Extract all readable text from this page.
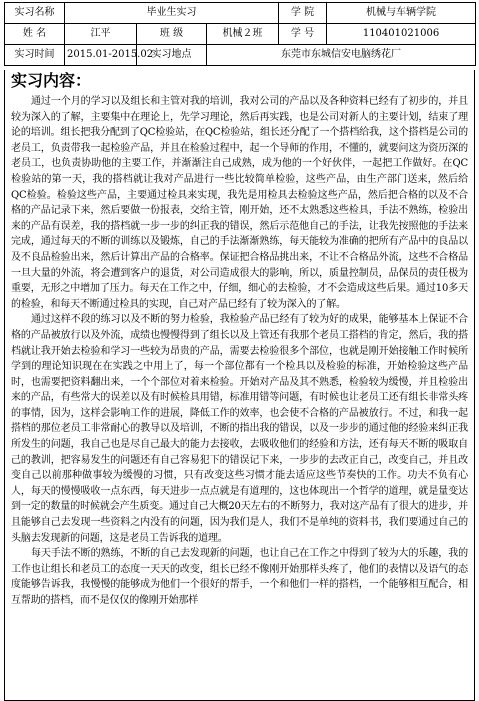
实习名称	毕业生实习			学 院	机械与车辆学院
姓 名	江平	班 级	机械２班	学 号	110401021006
实习时间	2015.01-2015.02	实习地点	东莞市东城信安电脑绣花厂		
实习内容：

通过一个月的学习以及组长和主管对我的培训，我对公司的产品以及各种资料已经有了初步的，并且较为深入的了解，主要集中在理论上，先学习理论，然后再实践，也是公司对新人的主要计划，结束了理论的培训。组长把我分配到了QC检验站，在QC检验站，组长还分配了一个搭档给我，这个搭档是公司的老员工，负责带我一起检验产品，并且在检验过程中，起一个导师的作用，不懂的，就要问这为资历深的老员工，也负责协助他的主要工作，并渐渐注自己成熟，成为他的一个好伙伴，一起把工作做好。在QC检验站的第一天，我的搭档就让我对产品进行一些比较简单检验，这些产品，由生产部门送来，然后给QC检验。检验这些产品，主要通过检具来实现，我先是用检具去检验这些产品，然后把合格的以及不合格的产品记录下来，然后要做一份报表，交给主管，刚开始，还不太熟悉这些检具，手法不熟练，检验出来的产品有误差，我的搭档就一步一步的纠正我的错误，然后示范他自己的手法，让我先按照他的手法来完成，通过每天的不断的训练以及锻炼，自己的手法渐渐熟练，每天能较为准确的把所有产品中的良品以及不良品检验出来，然后计算出产品的合格率。保证把合格品挑出来，不让不合格品外流，这些不合格品一旦大量的外流，将会遭到客户的退货，对公司造成很大的影响，所以，质量控制员，品保员的责任极为重要，无形之中增加了压力。每天在工作之中，仔细，细心的去检验，才不会造成这些后果。通过10多天的检验，和每天不断通过检具的实现，自己对产品已经有了较为深入的了解。

通过这样不段的练习以及不断的努力检验，我检验产品已经有了较为好的成果，能够基本上保证不合格的产品被放行以及外流，成绩也慢慢得到了组长以及上管还有我那个老员工搭档的肯定，然后，我的搭档就让我开始去检验和学习一些较为昂贵的产品，需要去检验很多个部位，也就是刚开始接触工作时候所学到的理论知识现在在实践之中用上了，每一个部位都有一个检具以及检验的标准，开始检验这些产品时，也需要把资料翻出来，一个个部位对着来检验。开始对产品及其不熟悉，检验较为缓慢，并且检验出来的产品，有些常大的误差以及有时候检具用错，标准用错等问题，有时候也让老员工还有组长非常头疼的事情，因为，这样会影响工作的进展，降低工作的效率，也会使不合格的产品被放行。不过，和我一起搭档的那位老员工非常耐心的教导以及培训，不断的指出我的错误，以及一步步的通过他的经验来纠正我所发生的问题，我自己也是尽自己最大的能力去接收，去吸收他们的经验和方法，还有每天不断的吸取自己的教训，把容易发生的问题还有自己容易犯下的错误记下来，一步步的去改正自己，改变自己，并且改变自己以前那种做事较为缓慢的习惯，只有改变这些习惯才能去适应这些节奏快的工作。功夫不负有心人，每天的慢慢吸收一点东西，每天进步一点点就是有道理的，这也体现出一个哲学的道理，就是量变达到一定的数量的时候就会产生质变。通过自己大概20天左右的不断努力，我对这产品有了很大的进步，并且能够自己去发现一些资料之内没有的问题，因为我们是人，我们不是单纯的资料书，我们要通过自己的头脑去发现新的问题，这是老员工告诉我的道理。

每天手法不断的熟练，不断的自己去发现新的问题，也让自己在工作之中得到了较为大的乐趣，我的工作也让组长和老员工的态度一天天的改变，组长已经不像刚开始那样头疼了，他们的表情以及语气的态度能够告诉我，我慢慢的能够成为他们一个很好的帮手，一个和他们一样的搭档，一个能够相互配合，相互帮助的搭档，而不是仅仅的像刚开始那样
